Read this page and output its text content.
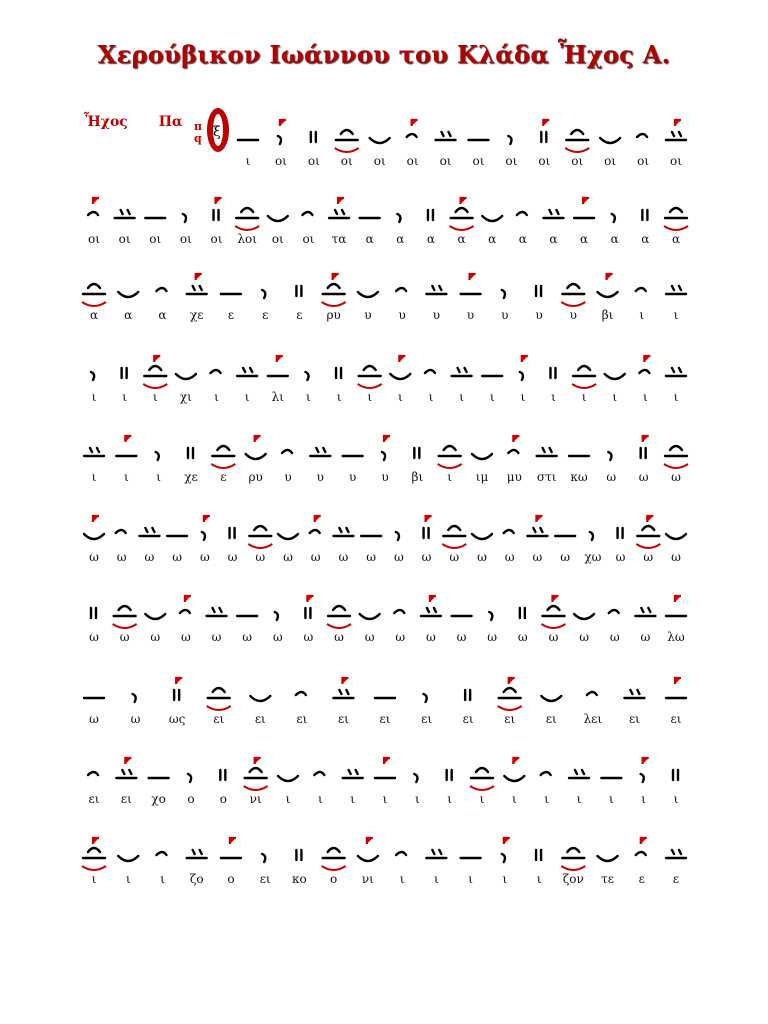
Χερούβικον Ιωάννου του Κλάδα Ἦχος Α.
Ἦχος Πα π
q ξ
ι οι οι οι οι οι οι οι οι οι οι οι οι οι
οι οι οι οι οι λοι οι οι τα α α α α α α α α α α α
α α α χε ε ε ε ρυ υ υ υ υ υ υ υ βι ι ι
ι ι ι χι ι ι λι ι ι ι ι ι ι ι ι ι ι ι ι ι
ι ι ι χε ε ρυ υ υ υ υ βι ι ιμ μυ στι κω ω ω ω
ω ω ω ω ω ω ω ω ω ω ω ω ω ω ω ω ω ω χω ω ω ω
ω ω ω ω ω ω ω ω ω ω ω ω ω ω ω ω ω ω ω λω
ω	ω ως ει	ει	ει	ει	ει	ει	ει	ει	ει λει ει	ει
ει ει χο ο ο νι ι ι ι ι ι ι ι ι ι ι ι ι ι
ι ι ι ζο ο ει κο ο νι ι ι ι ι ι ζον τε ε ε
